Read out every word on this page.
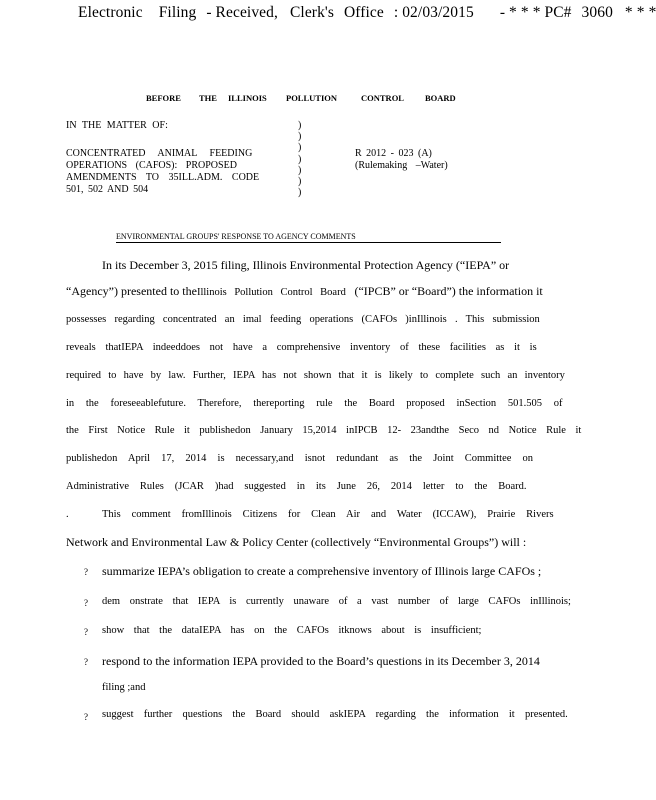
Electronic Filing - Received, Clerk's Office : 02/03/2015 - * * * PC# 3060 * * *
BEFORE THE ILLINOIS POLLUTION	CONTROL BOARD
IN THE MATTER OF:
CONCENTRATED ANIMAL FEEDING
OPERATIONS (CAFOS): PROPOSED
AMENDMENTS TO 35ILL.ADM. CODE
501, 502 AND 504
)
)
)
)
)
)
)
R 2012 - 023 (A)
(Rulemaking –Water)
ENVIRONMENTAL GROUPS' RESPONSE TO AGENCY COMMENTS
In its December 3, 2015 filing, Illinois Environmental Protection Agency (“IEPA” or
“Agency”) presented to theIllinois Pollution Control Board (“IPCB” or “Board”) the information it
possesses regarding concentrated an imal feeding operations (CAFOs )inIllinois . This submission
reveals thatIEPA indeeddoes not have a comprehensive inventory of these facilities as it is
required to have by law. Further, IEPA has not shown that it is likely to complete such an inventory
in the foreseeablefuture. Therefore, thereporting rule the Board proposed inSection 501.505 of
the First Notice Rule it publishedon January 15,2014 inIPCB 12- 23andthe Seco nd Notice Rule it
publishedon April 17, 2014 is necessary,and isnot redundant as the Joint Committee on
Administrative Rules (JCAR )had suggested in its June 26, 2014 letter to the Board.
.	This comment fromIllinois Citizens for Clean Air and Water (ICCAW), Prairie Rivers
Network and Environmental Law & Policy Center (collectively “Environmental Groups”) will :
? summarize IEPA’s obligation to create a comprehensive inventory of Illinois large CAFOs ;
? dem onstrate that IEPA is currently unaware of a vast number of large CAFOs inIllinois;
? show that the dataIEPA has on the CAFOs itknows about is insufficient;
? respond to the information IEPA provided to the Board’s questions in its December 3, 2014
filing ;and
? suggest further questions the Board should askIEPA regarding the information it presented.
